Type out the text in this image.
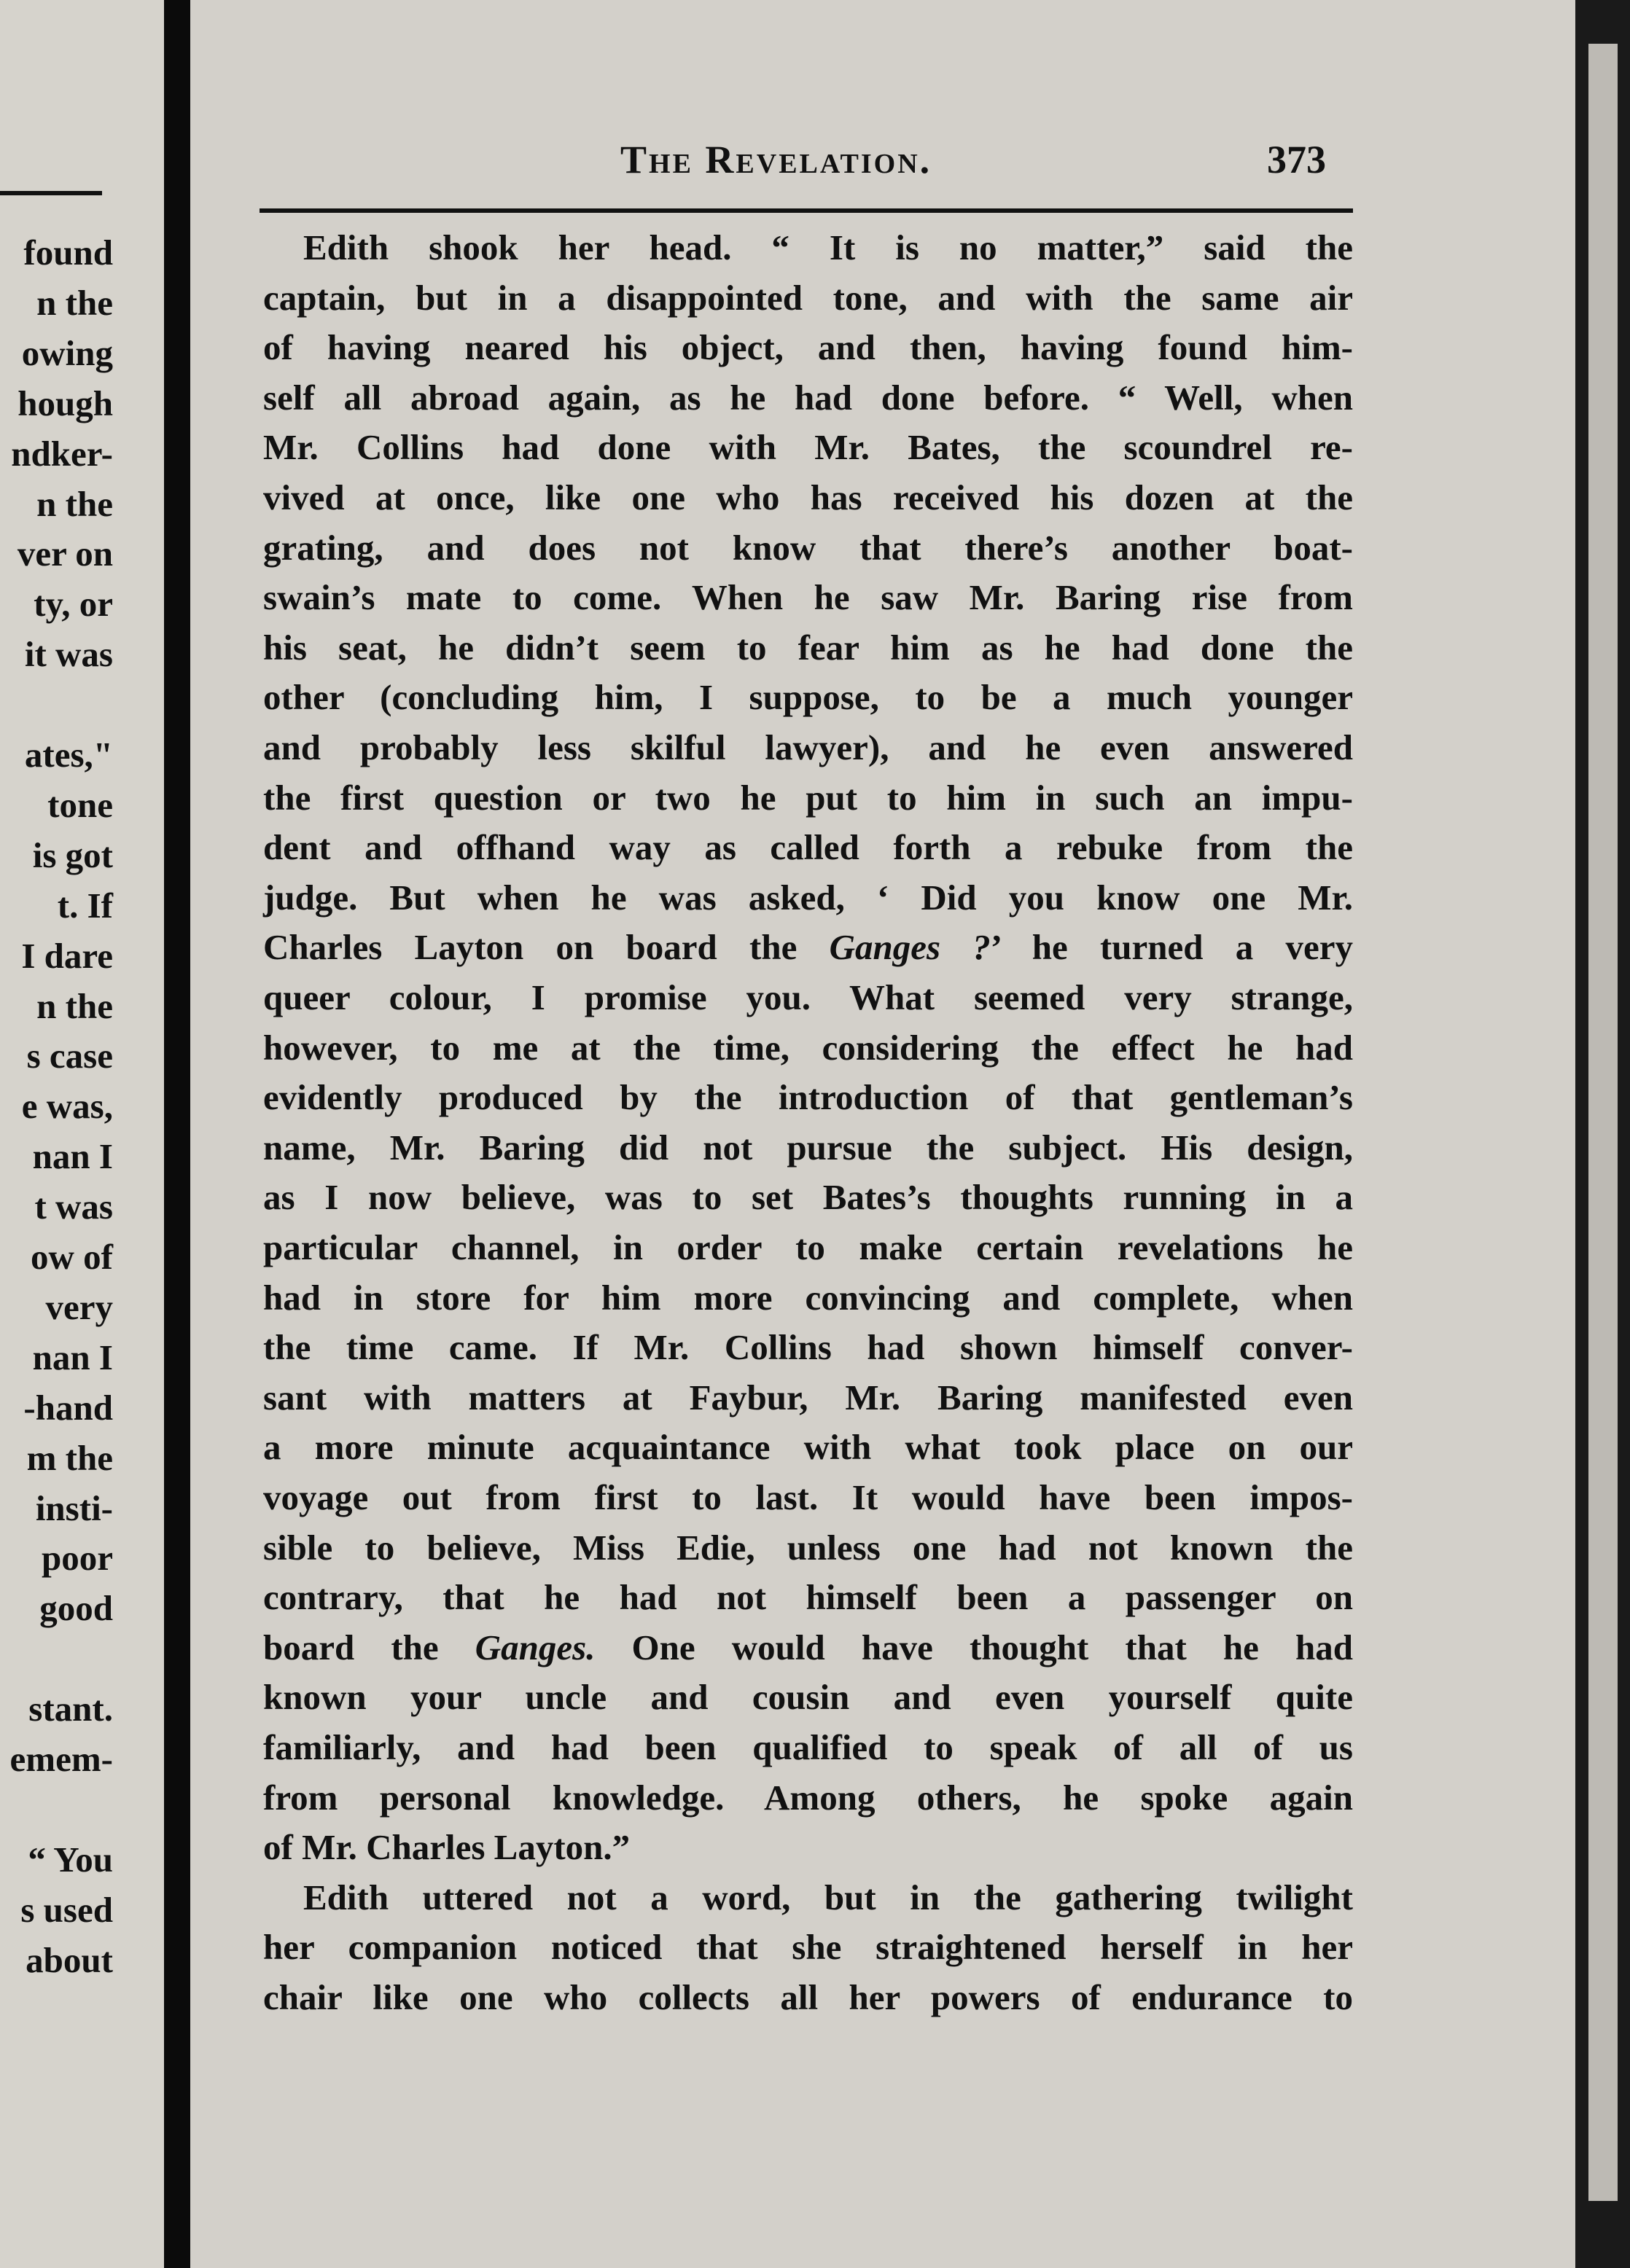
found
n the
owing
hough
ndker-
n the
ver on
ty, or
it was
ates,"
tone
is got
t. If
I dare
n the
s case
e was,
nan I
t was
ow of
very
nan I
-hand
m the
insti-
poor
good
stant.
emem-
“ You
s used
about
The Revelation.	373
Edith shook her head. “ It is no matter,” said the
captain, but in a disappointed tone, and with the same air
of having neared his object, and then, having found him-
self all abroad again, as he had done before. “ Well, when
Mr. Collins had done with Mr. Bates, the scoundrel re-
vived at once, like one who has received his dozen at the
grating, and does not know that there’s another boat-
swain’s mate to come. When he saw Mr. Baring rise from
his seat, he didn’t seem to fear him as he had done the
other (concluding him, I suppose, to be a much younger
and probably less skilful lawyer), and he even answered
the first question or two he put to him in such an impu-
dent and offhand way as called forth a rebuke from the
judge. But when he was asked, ‘ Did you know one Mr.
Charles Layton on board the Ganges ?’ he turned a very
queer colour, I promise you. What seemed very strange,
however, to me at the time, considering the effect he had
evidently produced by the introduction of that gentleman’s
name, Mr. Baring did not pursue the subject. His design,
as I now believe, was to set Bates’s thoughts running in a
particular channel, in order to make certain revelations he
had in store for him more convincing and complete, when
the time came. If Mr. Collins had shown himself conver-
sant with matters at Faybur, Mr. Baring manifested even
a more minute acquaintance with what took place on our
voyage out from first to last. It would have been impos-
sible to believe, Miss Edie, unless one had not known the
contrary, that he had not himself been a passenger on
board the Ganges. One would have thought that he had
known your uncle and cousin and even yourself quite
familiarly, and had been qualified to speak of all of us
from personal knowledge. Among others, he spoke again
of Mr. Charles Layton.”
Edith uttered not a word, but in the gathering twilight
her companion noticed that she straightened herself in her
chair like one who collects all her powers of endurance to
